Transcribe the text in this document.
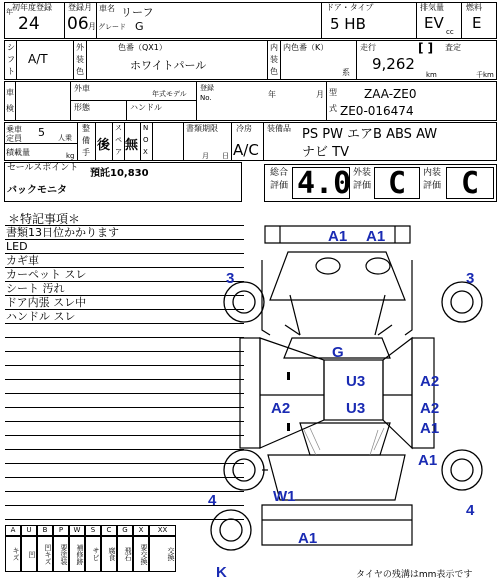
初年度登録 登録月
年
24 06 月
車名 リーフ
グレード G
ドア・タイプ
5 HB
排気量
EV cc
燃料
E
シ
フ
ト
A/T
外
装
色
色番（QX1）
ホワイトパール
内
装
色
内色番（K）
系
走行	[ ]
9,262
km
査定
千km
車
検
外車
年式モデル
形態	ハンドル
登録
No.	年	月 型
式
ZAA-ZE0
ZE0-016474
乗車定員 5 人乗
積載量	kg
整
備
手 後
ス
ペ
ア 無
N
O
X
書類期限
月 日
冷房
A/C
装備品 PS PW エアB ABS AW
ナビ TV
セールスポイント 預託10,830
バックモニタ
総合
評価 4.0 外装
評価 C 内装
評価 C
＊特記事項＊
書類13日位かかります
LED
カギ車
カーペット スレ
シート 汚れ
ドア内張 スレ中
ハンドル スレ
A	U	B	P	W	S	C	G	X	XX
キズ	凹	凹キズ	要塗装	補修跡	サビ	腐食	飛石	要交換	交換
A1 A1
3	3
G
U3	A2
A2	U3	A2
A1
A1
W1
4
4
A1
K	タイヤの残溝はmm表示です
